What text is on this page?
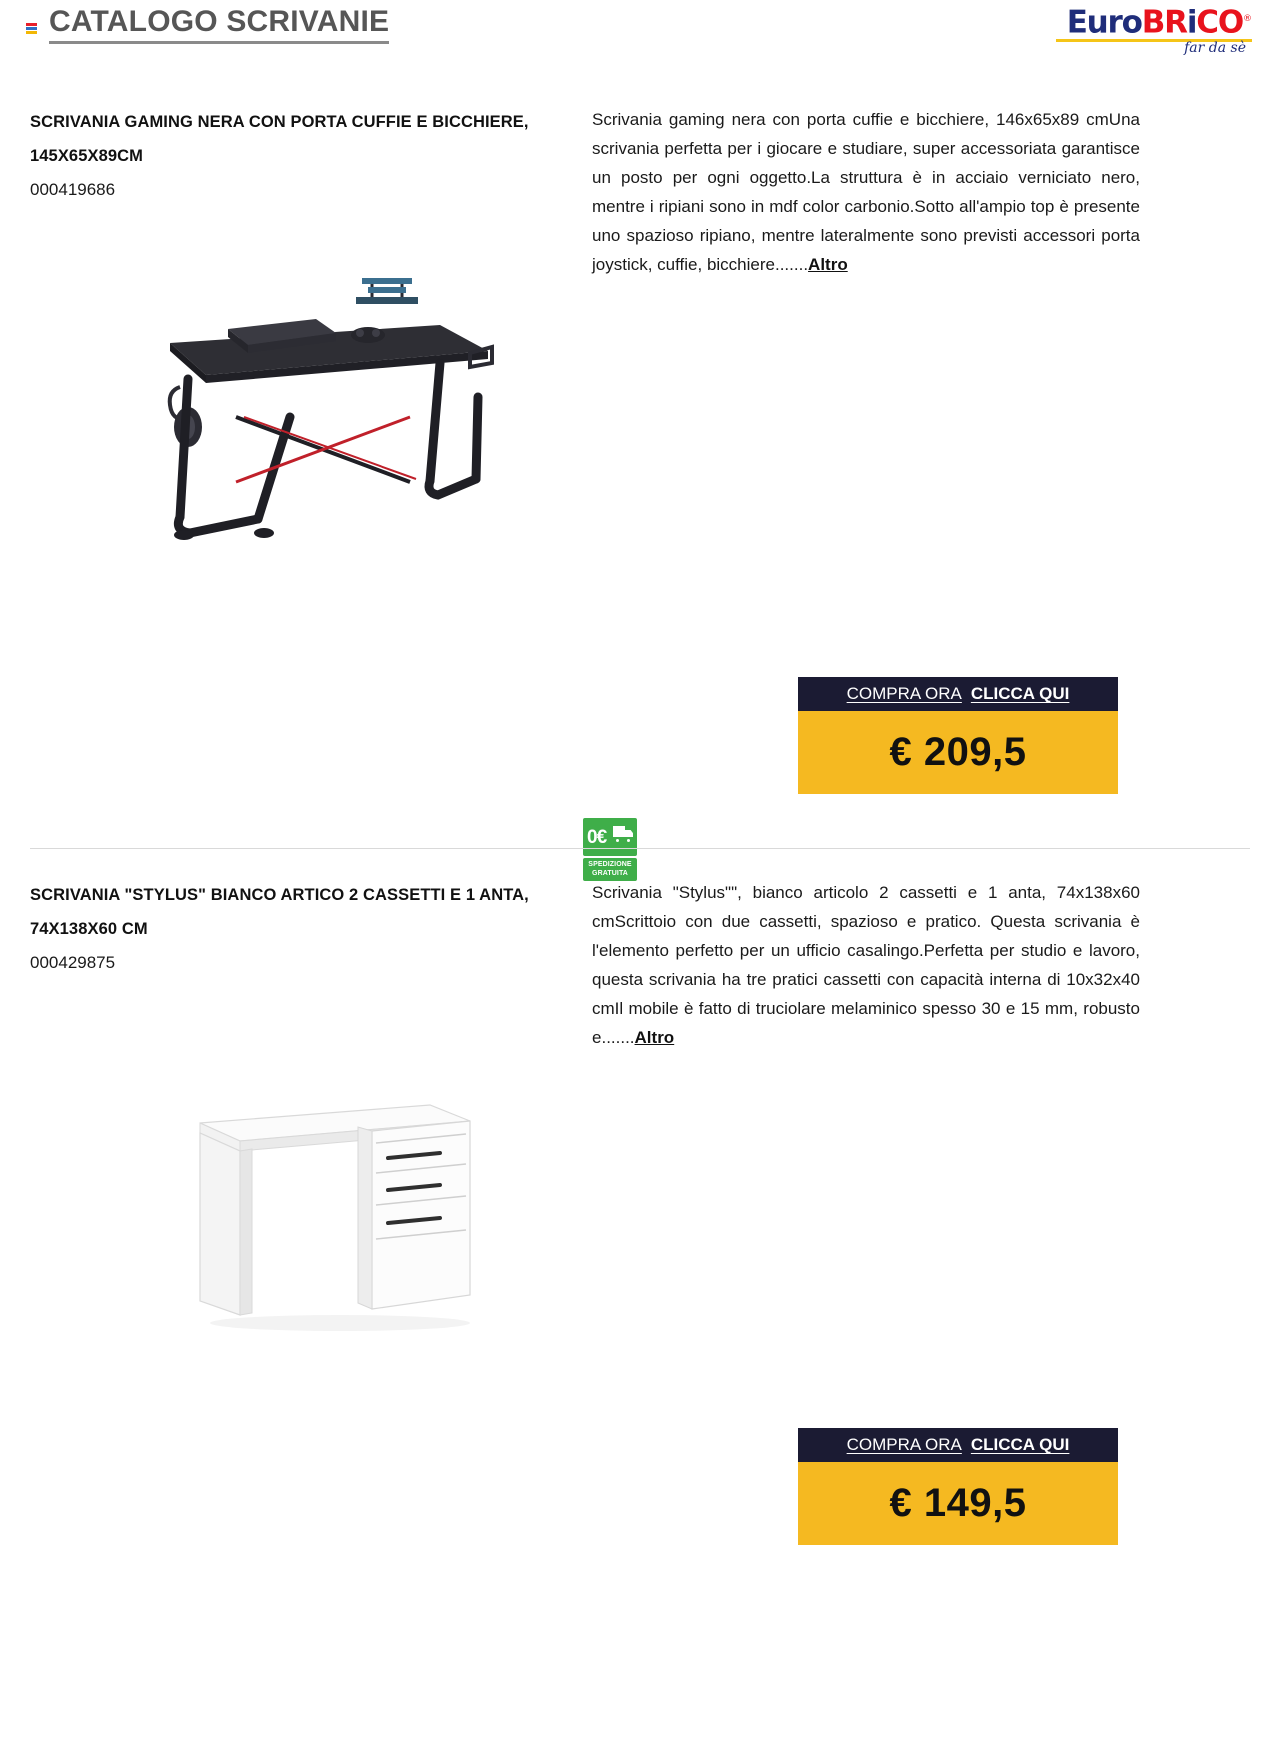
CATALOGO SCRIVANIE	EuroBRiCO®
far da sè
SCRIVANIA GAMING NERA CON PORTA CUFFIE E BICCHIERE, 145X65X89CM
000419686

Scrivania gaming nera con porta cuffie e bicchiere, 146x65x89 cmUna scrivania perfetta per i giocare e studiare, super accessoriata garantisce un posto per ogni oggetto.La struttura è in acciaio verniciato nero, mentre i ripiani sono in mdf color carbonio.Sotto all'ampio top è presente uno spazioso ripiano, mentre lateralmente sono previsti accessori porta joystick, cuffie, bicchiere.......Altro

0€
SPEDIZIONE
GRATUITA
COMPRA ORA CLICCA QUI
€ 209,5
SCRIVANIA "STYLUS" BIANCO ARTICO 2 CASSETTI E 1 ANTA, 74X138X60 CM
000429875

Scrivania "Stylus"", bianco articolo 2 cassetti e 1 anta, 74x138x60 cmScrittoio con due cassetti, spazioso e pratico. Questa scrivania è l'elemento perfetto per un ufficio casalingo.Perfetta per studio e lavoro, questa scrivania ha tre pratici cassetti con capacità interna di 10x32x40 cmIl mobile è fatto di truciolare melaminico spesso 30 e 15 mm, robusto e.......Altro

COMPRA ORA CLICCA QUI
€ 149,5
